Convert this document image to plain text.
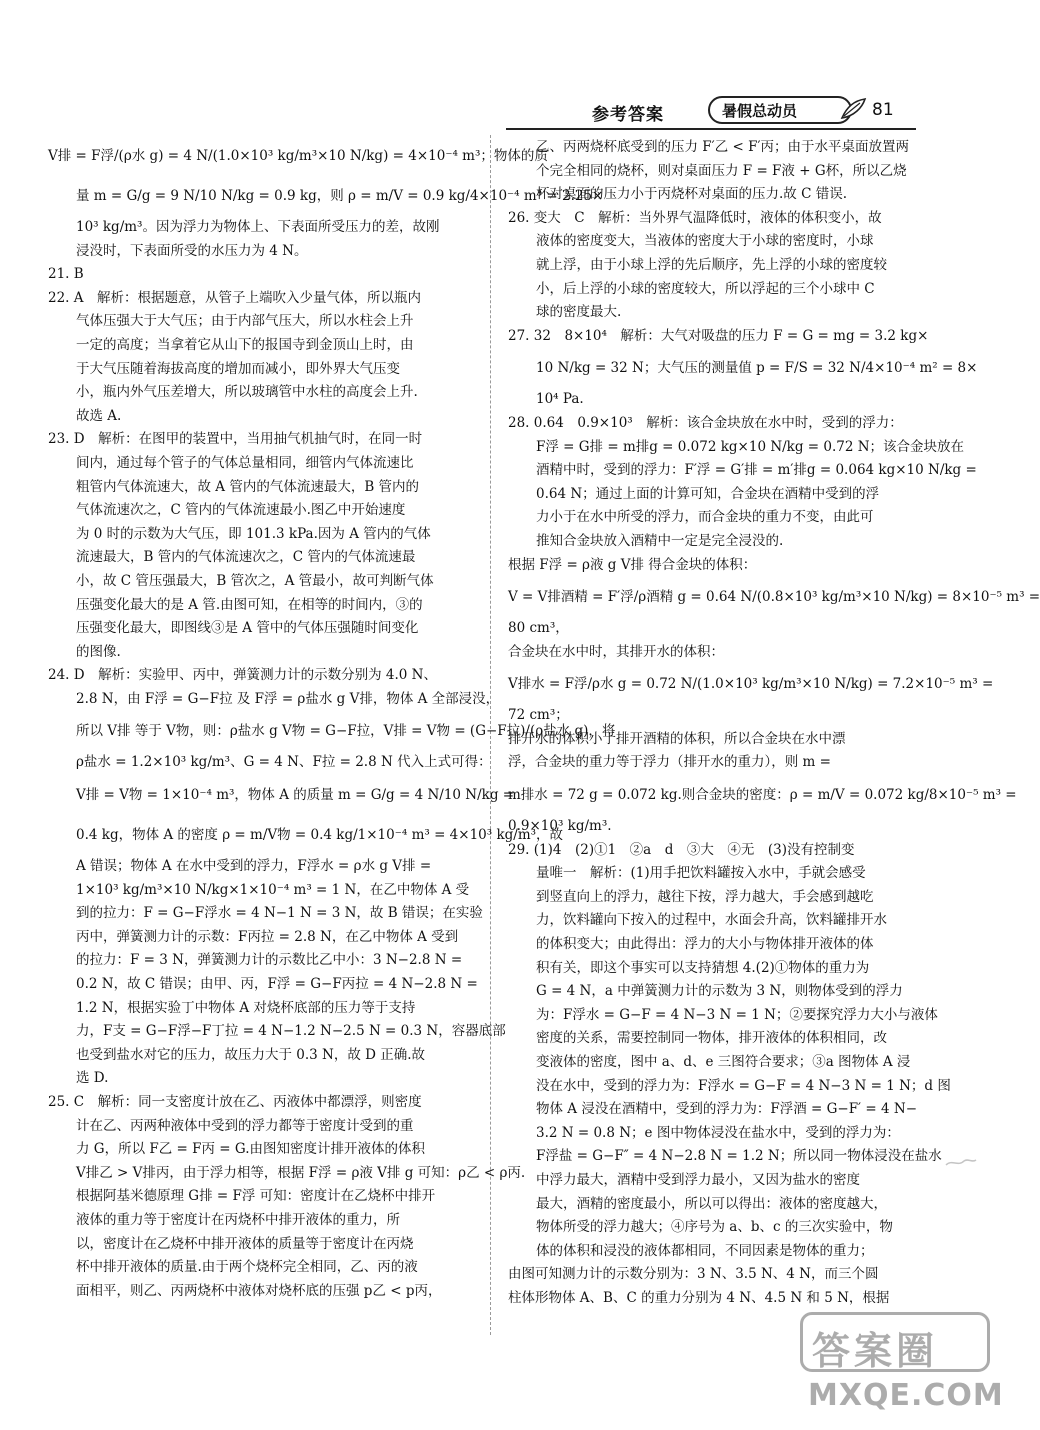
参考答案	暑假总动员	81
V排 = F浮/(ρ水 g) = 4 N/(1.0×10³ kg/m³×10 N/kg) = 4×10⁻⁴ m³；物体的质
量 m = G/g = 9 N/10 N/kg = 0.9 kg，则 ρ = m/V = 0.9 kg/4×10⁻⁴ m³ = 2.25×
10³ kg/m³。因为浮力为物体上、下表面所受压力的差，故刚
浸没时，下表面所受的水压力为 4 N。
21. B
22. A　解析：根据题意，从管子上端吹入少量气体，所以瓶内
气体压强大于大气压；由于内部气压大，所以水柱会上升
一定的高度；当拿着它从山下的报国寺到金顶山上时，由
于大气压随着海拔高度的增加而减小，即外界大气压变
小，瓶内外气压差增大，所以玻璃管中水柱的高度会上升.
故选 A.
23. D　解析：在图甲的装置中，当用抽气机抽气时，在同一时
间内，通过每个管子的气体总量相同，细管内气体流速比
粗管内气体流速大，故 A 管内的气体流速最大，B 管内的
气体流速次之，C 管内的气体流速最小.图乙中开始速度
为 0 时的示数为大气压，即 101.3 kPa.因为 A 管内的气体
流速最大，B 管内的气体流速次之，C 管内的气体流速最
小，故 C 管压强最大，B 管次之，A 管最小，故可判断气体
压强变化最大的是 A 管.由图可知，在相等的时间内，③的
压强变化最大，即图线③是 A 管中的气体压强随时间变化
的图像.
24. D　解析：实验甲、丙中，弹簧测力计的示数分别为 4.0 N、
2.8 N，由 F浮 = G−F拉 及 F浮 = ρ盐水 g V排，物体 A 全部浸没，
所以 V排 等于 V物，则：ρ盐水 g V物 = G−F拉，V排 = V物 = (G−F拉)/(ρ盐水 g)，将
ρ盐水 = 1.2×10³ kg/m³、G = 4 N、F拉 = 2.8 N 代入上式可得：
V排 = V物 = 1×10⁻⁴ m³，物体 A 的质量 m = G/g = 4 N/10 N/kg =
0.4 kg，物体 A 的密度 ρ = m/V物 = 0.4 kg/1×10⁻⁴ m³ = 4×10³ kg/m³，故
A 错误；物体 A 在水中受到的浮力，F浮水 = ρ水 g V排 =
1×10³ kg/m³×10 N/kg×1×10⁻⁴ m³ = 1 N，在乙中物体 A 受
到的拉力：F = G−F浮水 = 4 N−1 N = 3 N，故 B 错误；在实验
丙中，弹簧测力计的示数：F丙拉 = 2.8 N，在乙中物体 A 受到
的拉力：F = 3 N，弹簧测力计的示数比乙中小：3 N−2.8 N =
0.2 N，故 C 错误；由甲、丙，F浮 = G−F丙拉 = 4 N−2.8 N =
1.2 N，根据实验丁中物体 A 对烧杯底部的压力等于支持
力，F支 = G−F浮−F丁拉 = 4 N−1.2 N−2.5 N = 0.3 N，容器底部
也受到盐水对它的压力，故压力大于 0.3 N，故 D 正确.故
选 D.
25. C　解析：同一支密度计放在乙、丙液体中都漂浮，则密度
计在乙、丙两种液体中受到的浮力都等于密度计受到的重
力 G，所以 F乙 = F丙 = G.由图知密度计排开液体的体积
V排乙 > V排丙，由于浮力相等，根据 F浮 = ρ液 V排 g 可知：ρ乙 < ρ丙.
根据阿基米德原理 G排 = F浮 可知：密度计在乙烧杯中排开
液体的重力等于密度计在丙烧杯中排开液体的重力，所
以，密度计在乙烧杯中排开液体的质量等于密度计在丙烧
杯中排开液体的质量.由于两个烧杯完全相同，乙、丙的液
面相平，则乙、丙两烧杯中液体对烧杯底的压强 p乙 < p丙，
乙、丙两烧杯底受到的压力 F′乙 < F′丙；由于水平桌面放置两
个完全相同的烧杯，则对桌面压力 F = F液 + G杯，所以乙烧
杯对桌面的压力小于丙烧杯对桌面的压力.故 C 错误.
26. 变大　C　解析：当外界气温降低时，液体的体积变小，故
液体的密度变大，当液体的密度大于小球的密度时，小球
就上浮，由于小球上浮的先后顺序，先上浮的小球的密度较
小，后上浮的小球的密度较大，所以浮起的三个小球中 C
球的密度最大.
27. 32　8×10⁴　解析：大气对吸盘的压力 F = G = mg = 3.2 kg×
10 N/kg = 32 N；大气压的测量值 p = F/S = 32 N/4×10⁻⁴ m² = 8×
10⁴ Pa.
28. 0.64　0.9×10³　解析：该合金块放在水中时，受到的浮力：
F浮 = G排 = m排g = 0.072 kg×10 N/kg = 0.72 N；该合金块放在
酒精中时，受到的浮力：F′浮 = G′排 = m′排g = 0.064 kg×10 N/kg =
0.64 N；通过上面的计算可知，合金块在酒精中受到的浮
力小于在水中所受的浮力，而合金块的重力不变，由此可
推知合金块放入酒精中一定是完全浸没的.
根据 F浮 = ρ液 g V排 得合金块的体积：
V = V排酒精 = F′浮/ρ酒精 g = 0.64 N/(0.8×10³ kg/m³×10 N/kg) = 8×10⁻⁵ m³ =
80 cm³，
合金块在水中时，其排开水的体积：
V排水 = F浮/ρ水 g = 0.72 N/(1.0×10³ kg/m³×10 N/kg) = 7.2×10⁻⁵ m³ =
72 cm³；
排开水的体积小于排开酒精的体积，所以合金块在水中漂
浮，合金块的重力等于浮力（排开水的重力），则 m =
m排水 = 72 g = 0.072 kg.则合金块的密度：ρ = m/V = 0.072 kg/8×10⁻⁵ m³ =
0.9×10³ kg/m³.
29. (1)4　(2)①1　②a　d　③大　④无　(3)没有控制变
量唯一　解析：(1)用手把饮料罐按入水中，手就会感受
到竖直向上的浮力，越往下按，浮力越大，手会感到越吃
力，饮料罐向下按入的过程中，水面会升高，饮料罐排开水
的体积变大；由此得出：浮力的大小与物体排开液体的体
积有关，即这个事实可以支持猜想 4.(2)①物体的重力为
G = 4 N，a 中弹簧测力计的示数为 3 N，则物体受到的浮力
为：F浮水 = G−F = 4 N−3 N = 1 N；②要探究浮力大小与液体
密度的关系，需要控制同一物体，排开液体的体积相同，改
变液体的密度，图中 a、d、e 三图符合要求；③a 图物体 A 浸
没在水中，受到的浮力为：F浮水 = G−F = 4 N−3 N = 1 N；d 图
物体 A 浸没在酒精中，受到的浮力为：F浮酒 = G−F′ = 4 N−
3.2 N = 0.8 N；e 图中物体浸没在盐水中，受到的浮力为：
F浮盐 = G−F″ = 4 N−2.8 N = 1.2 N；所以同一物体浸没在盐水
中浮力最大，酒精中受到浮力最小，又因为盐水的密度
最大，酒精的密度最小，所以可以得出：液体的密度越大，
物体所受的浮力越大；④序号为 a、b、c 的三次实验中，物
体的体积和浸没的液体都相同，不同因素是物体的重力；
由图可知测力计的示数分别为：3 N、3.5 N、4 N，而三个圆
柱体形物体 A、B、C 的重力分别为 4 N、4.5 N 和 5 N，根据
答案圈
MXQE.COM
